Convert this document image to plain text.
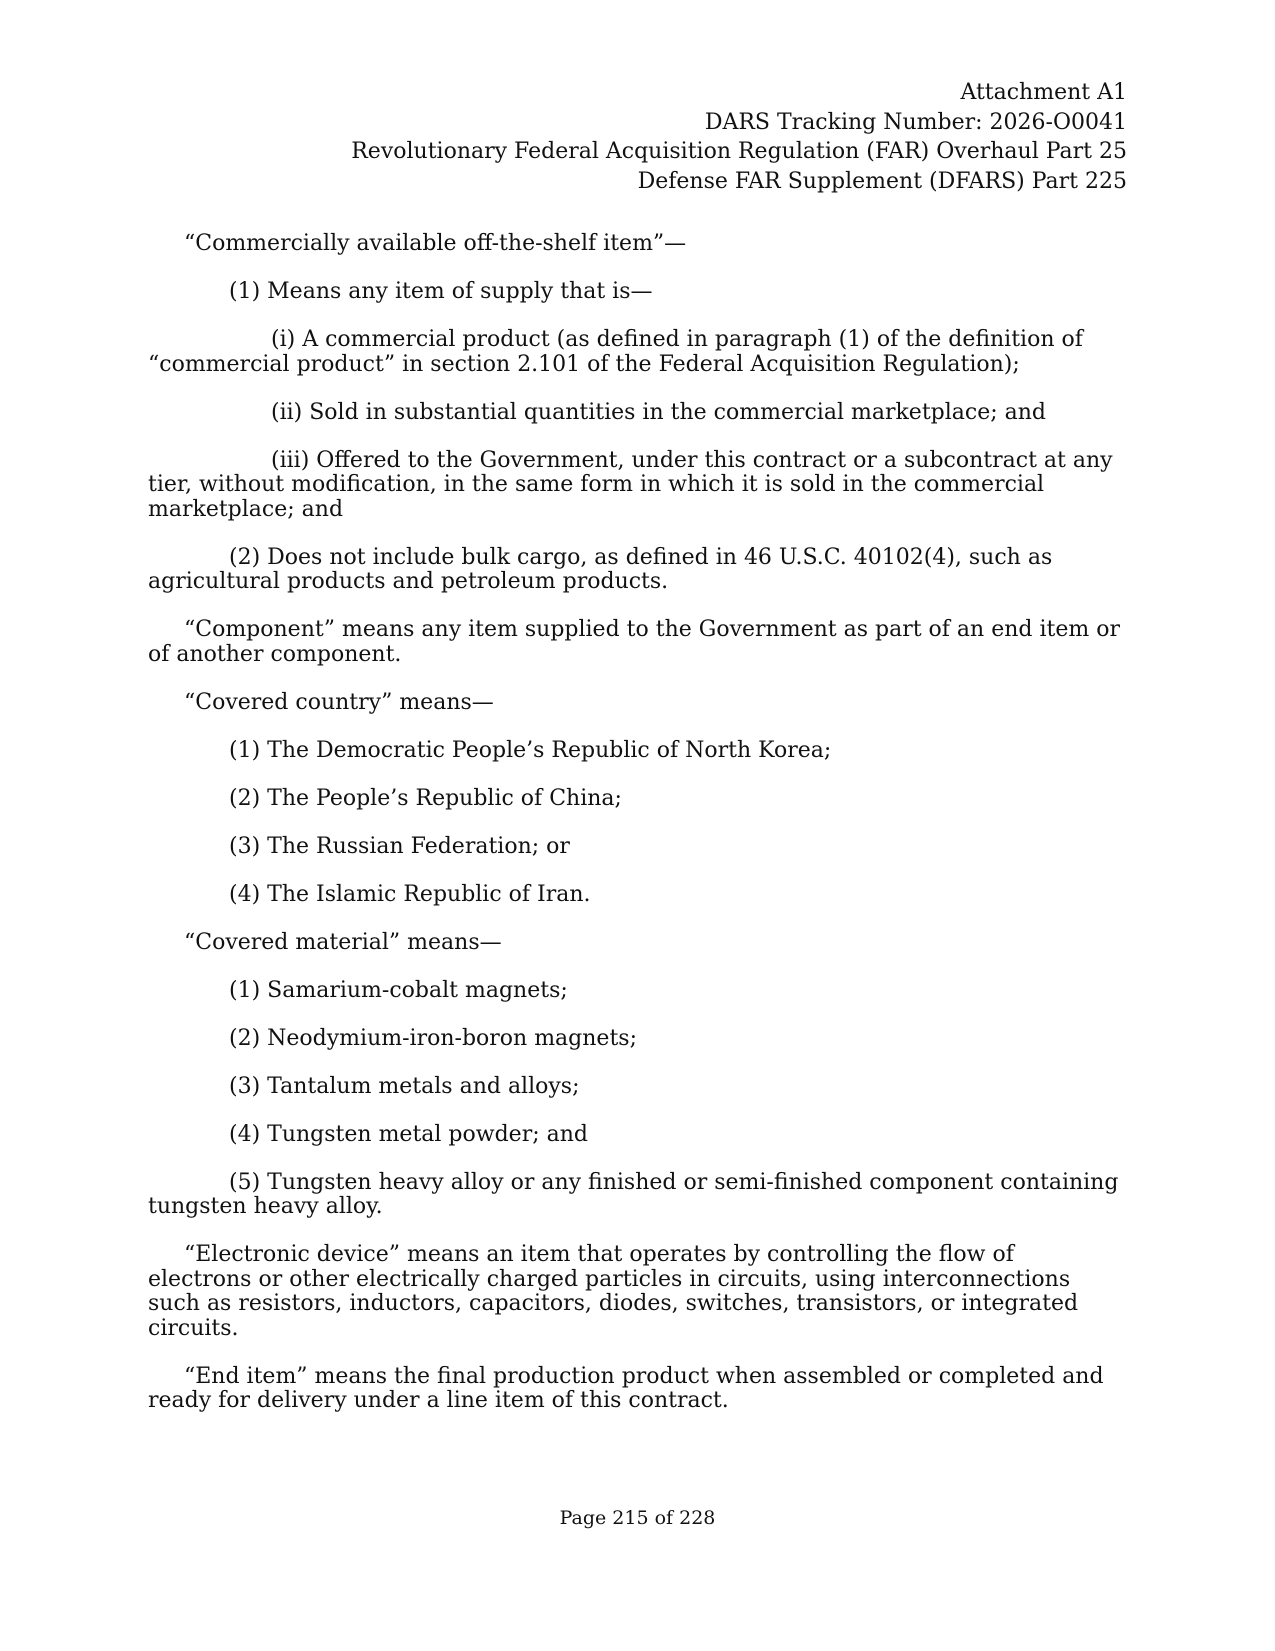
Attachment A1
DARS Tracking Number: 2026-O0041
Revolutionary Federal Acquisition Regulation (FAR) Overhaul Part 25
Defense FAR Supplement (DFARS) Part 225

“Commercially available off-the-shelf item”—

(1) Means any item of supply that is—

(i) A commercial product (as defined in paragraph (1) of the definition of “commercial product” in section 2.101 of the Federal Acquisition Regulation);

(ii) Sold in substantial quantities in the commercial marketplace; and

(iii) Offered to the Government, under this contract or a subcontract at any tier, without modification, in the same form in which it is sold in the commercial marketplace; and

(2) Does not include bulk cargo, as defined in 46 U.S.C. 40102(4), such as agricultural products and petroleum products.

“Component” means any item supplied to the Government as part of an end item or of another component.

“Covered country” means—

(1) The Democratic People’s Republic of North Korea;

(2) The People’s Republic of China;

(3) The Russian Federation; or

(4) The Islamic Republic of Iran.

“Covered material” means—

(1) Samarium-cobalt magnets;

(2) Neodymium-iron-boron magnets;

(3) Tantalum metals and alloys;

(4) Tungsten metal powder; and

(5) Tungsten heavy alloy or any finished or semi-finished component containing tungsten heavy alloy.

“Electronic device” means an item that operates by controlling the flow of electrons or other electrically charged particles in circuits, using interconnections such as resistors, inductors, capacitors, diodes, switches, transistors, or integrated circuits.

“End item” means the final production product when assembled or completed and ready for delivery under a line item of this contract.

Page 215 of 228
